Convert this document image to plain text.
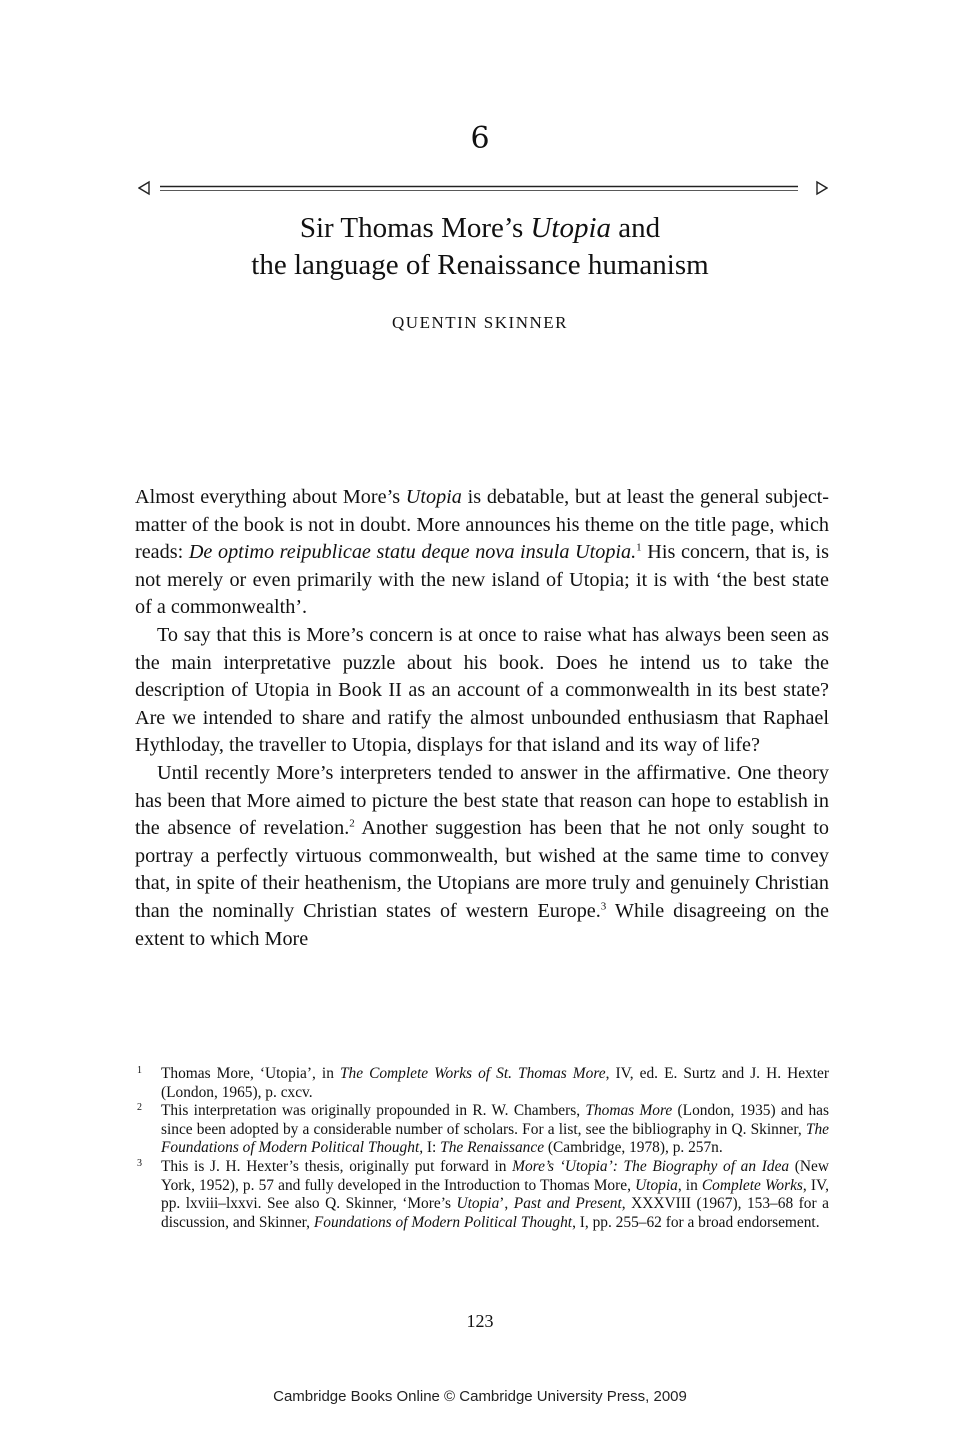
6
Sir Thomas More’s Utopia and
the language of Renaissance humanism
QUENTIN SKINNER

Almost everything about More’s Utopia is debatable, but at least the general subject-matter of the book is not in doubt. More announces his theme on the title page, which reads: De optimo reipublicae statu deque nova insula Utopia.$^1$ His concern, that is, is not merely or even primarily with the new island of Utopia; it is with ‘the best state of a commonwealth’.

To say that this is More’s concern is at once to raise what has always been seen as the main interpretative puzzle about his book. Does he intend us to take the description of Utopia in Book II as an account of a commonwealth in its best state? Are we intended to share and ratify the almost unbounded enthusiasm that Raphael Hythloday, the traveller to Utopia, displays for that island and its way of life?

Until recently More’s interpreters tended to answer in the affirmative. One theory has been that More aimed to picture the best state that reason can hope to establish in the absence of revelation.$^2$ Another suggestion has been that he not only sought to portray a perfectly virtuous commonwealth, but wished at the same time to convey that, in spite of their heathenism, the Utopians are more truly and genuinely Christian than the nominally Christian states of western Europe.$^3$ While disagreeing on the extent to which More

1 Thomas More, ‘Utopia’, in The Complete Works of St. Thomas More, IV, ed. E. Surtz and J. H. Hexter (London, 1965), p. cxcv.

2 This interpretation was originally propounded in R. W. Chambers, Thomas More (London, 1935) and has since been adopted by a considerable number of scholars. For a list, see the bibliography in Q. Skinner, The Foundations of Modern Political Thought, I: The Renaissance (Cambridge, 1978), p. 257n.

3 This is J. H. Hexter’s thesis, originally put forward in More’s ‘Utopia’: The Biography of an Idea (New York, 1952), p. 57 and fully developed in the Introduction to Thomas More, Utopia, in Complete Works, IV, pp. lxviii–lxxvi. See also Q. Skinner, ‘More’s Utopia’, Past and Present, XXXVIII (1967), 153–68 for a discussion, and Skinner, Foundations of Modern Political Thought, I, pp. 255–62 for a broad endorsement.

123
Cambridge Books Online © Cambridge University Press, 2009
